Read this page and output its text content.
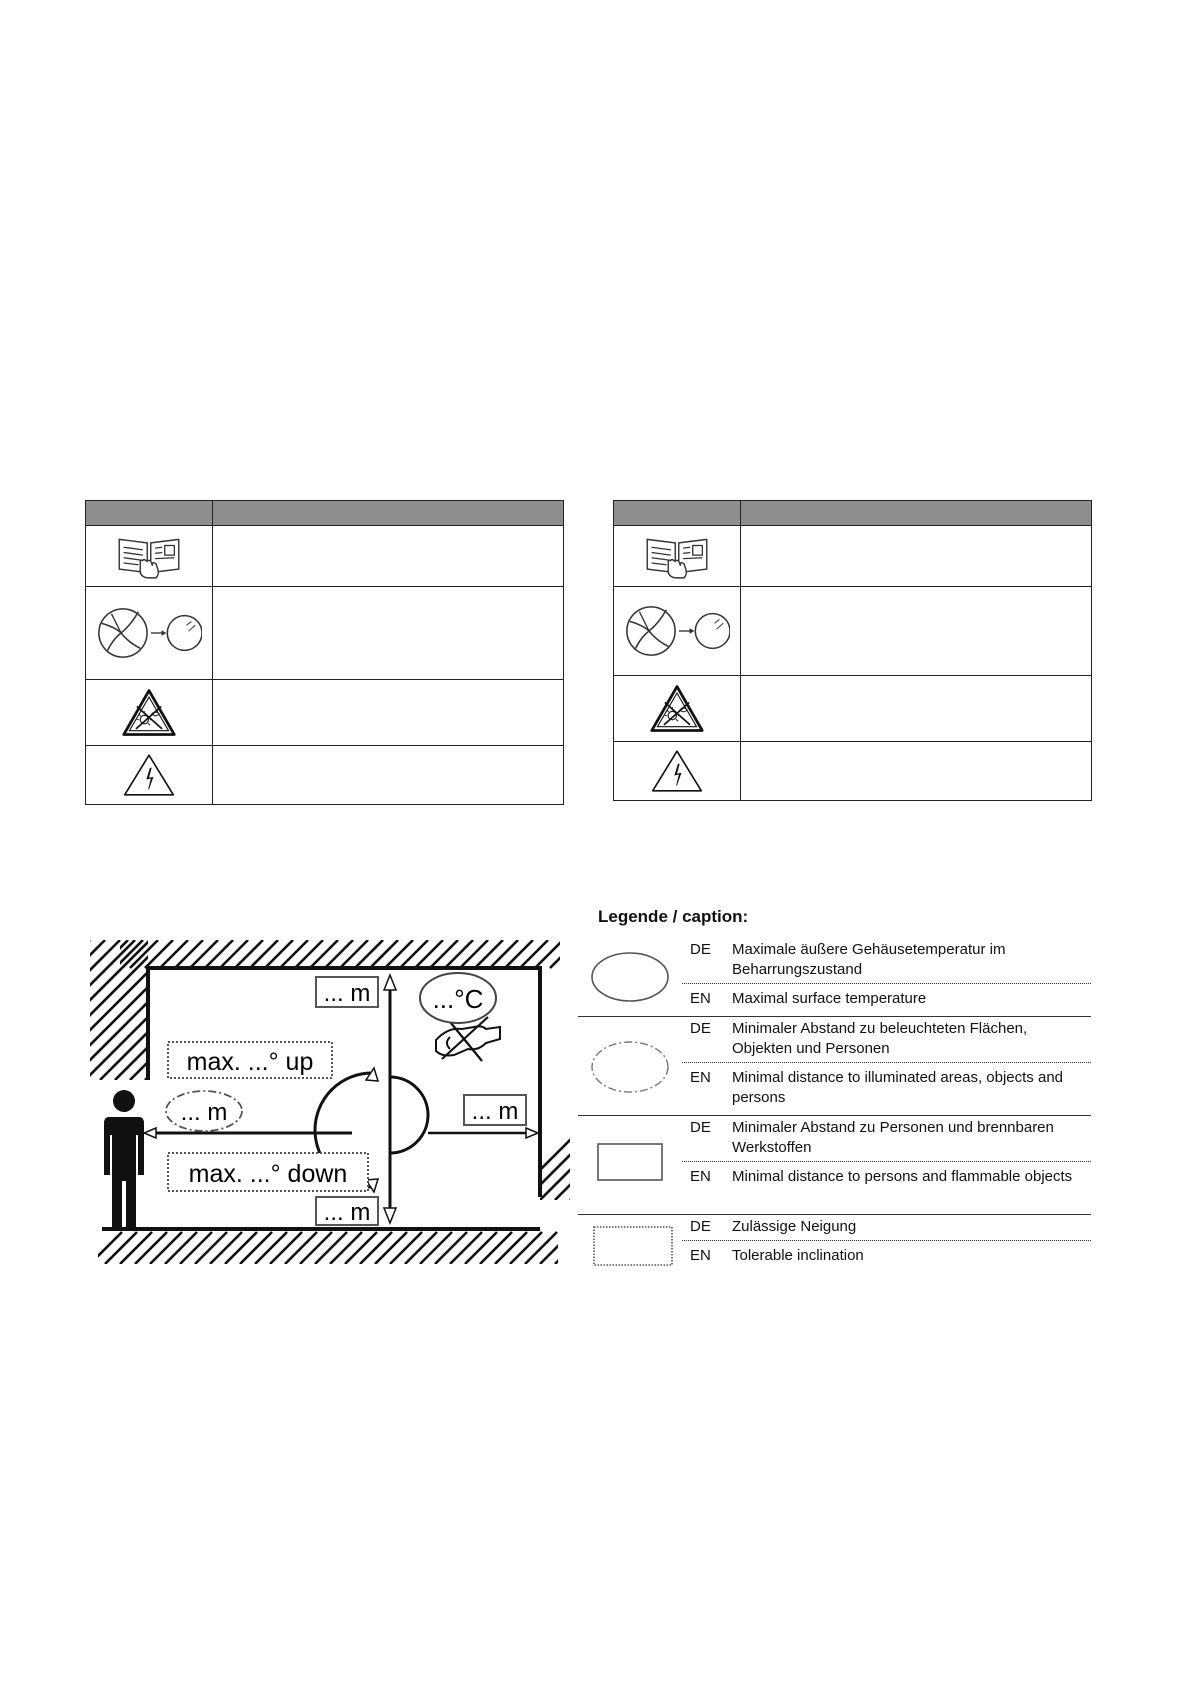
...°C
... m
max. ...° up
... m	... m
max. ...° down
... m
Legende / caption:
DE	Maximale äußere Gehäusetemperatur im Beharrungszustand
EN	Maximal surface temperature
DE	Minimaler Abstand zu beleuchteten Flächen, Objekten und Personen
EN	Minimal distance to illuminated areas, objects and persons
DE	Minimaler Abstand zu Personen und brennbaren Werkstoffen
EN	Minimal distance to persons and flammable objects
DE	Zulässige Neigung
EN	Tolerable inclination
